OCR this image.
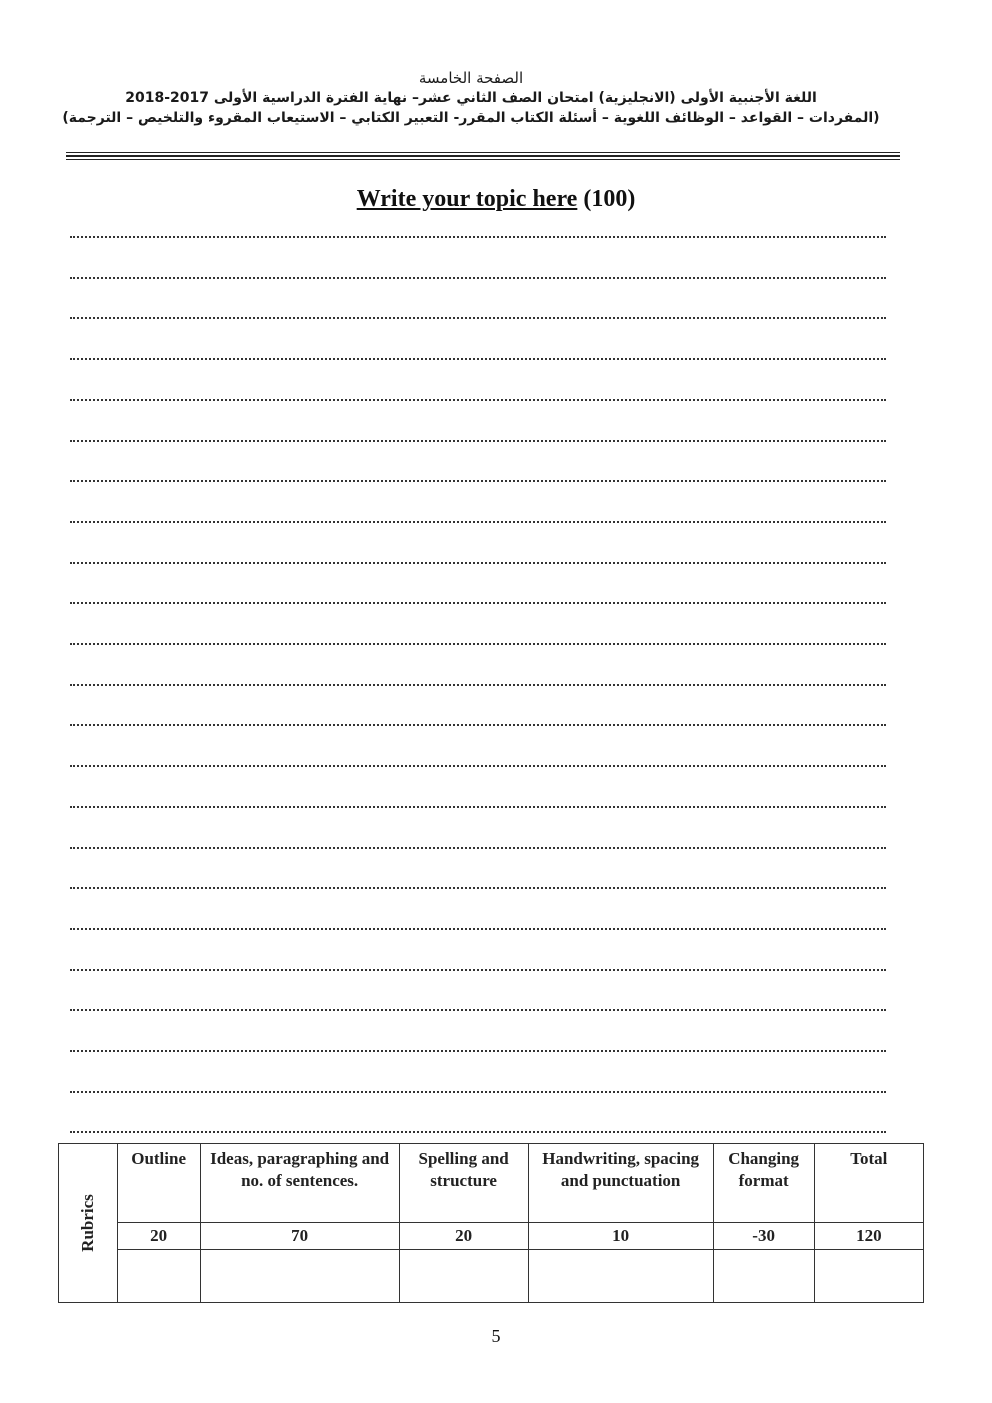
الصفحة الخامسة
اللغة الأجنبية الأولى (الانجليزية) امتحان الصف الثاني عشر– نهاية الفترة الدراسية الأولى 2017-2018
(المفردات – القواعد – الوظائف اللغوية – أسئلة الكتاب المقرر- التعبير الكتابي – الاستيعاب المقروء والتلخيص – الترجمة)
Write your topic here (100)
Rubrics	Outline	Ideas, paragraphing and no. of sentences.	Spelling and structure	Handwriting, spacing and punctuation	Changing format	Total
	20	70	20	10	-30	120

5
